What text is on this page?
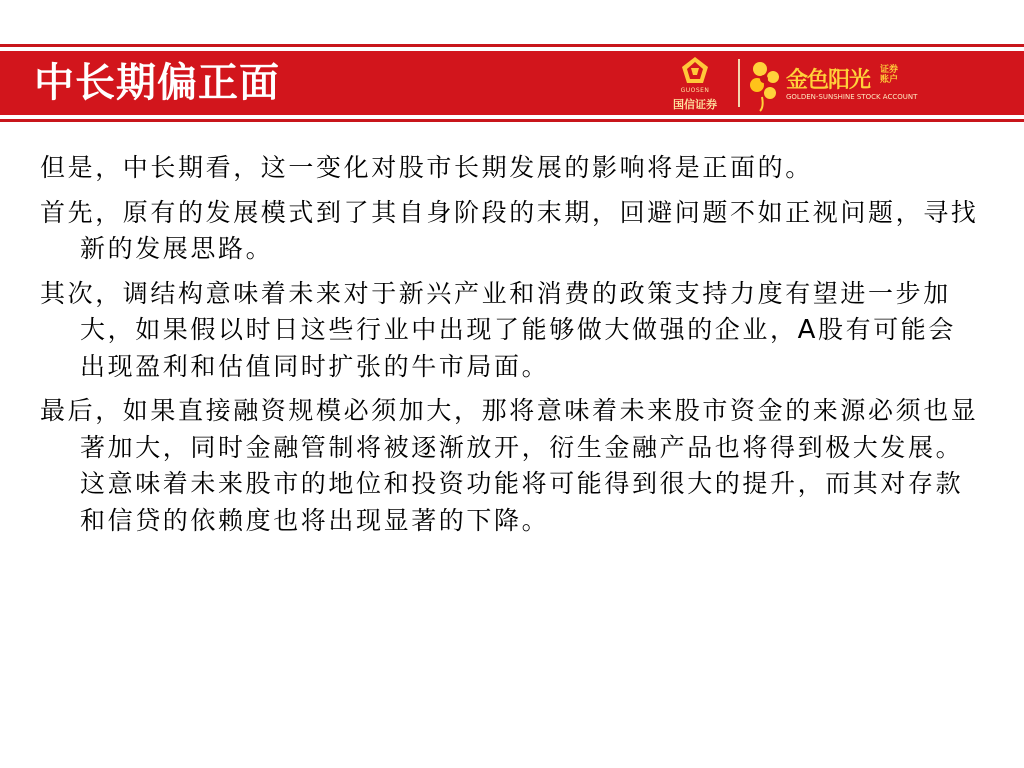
中长期偏正面	GUOSEN
国信证券
金色阳光 证券账户
GOLDEN-SUNSHINE STOCK ACCOUNT

但是，中长期看，这一变化对股市长期发展的影响将是正面的。

首先，原有的发展模式到了其自身阶段的末期，回避问题不如正视问题，寻找新的发展思路。

其次，调结构意味着未来对于新兴产业和消费的政策支持力度有望进一步加大，如果假以时日这些行业中出现了能够做大做强的企业，A股有可能会出现盈利和估值同时扩张的牛市局面。

最后，如果直接融资规模必须加大，那将意味着未来股市资金的来源必须也显著加大，同时金融管制将被逐渐放开，衍生金融产品也将得到极大发展。这意味着未来股市的地位和投资功能将可能得到很大的提升，而其对存款和信贷的依赖度也将出现显著的下降。
